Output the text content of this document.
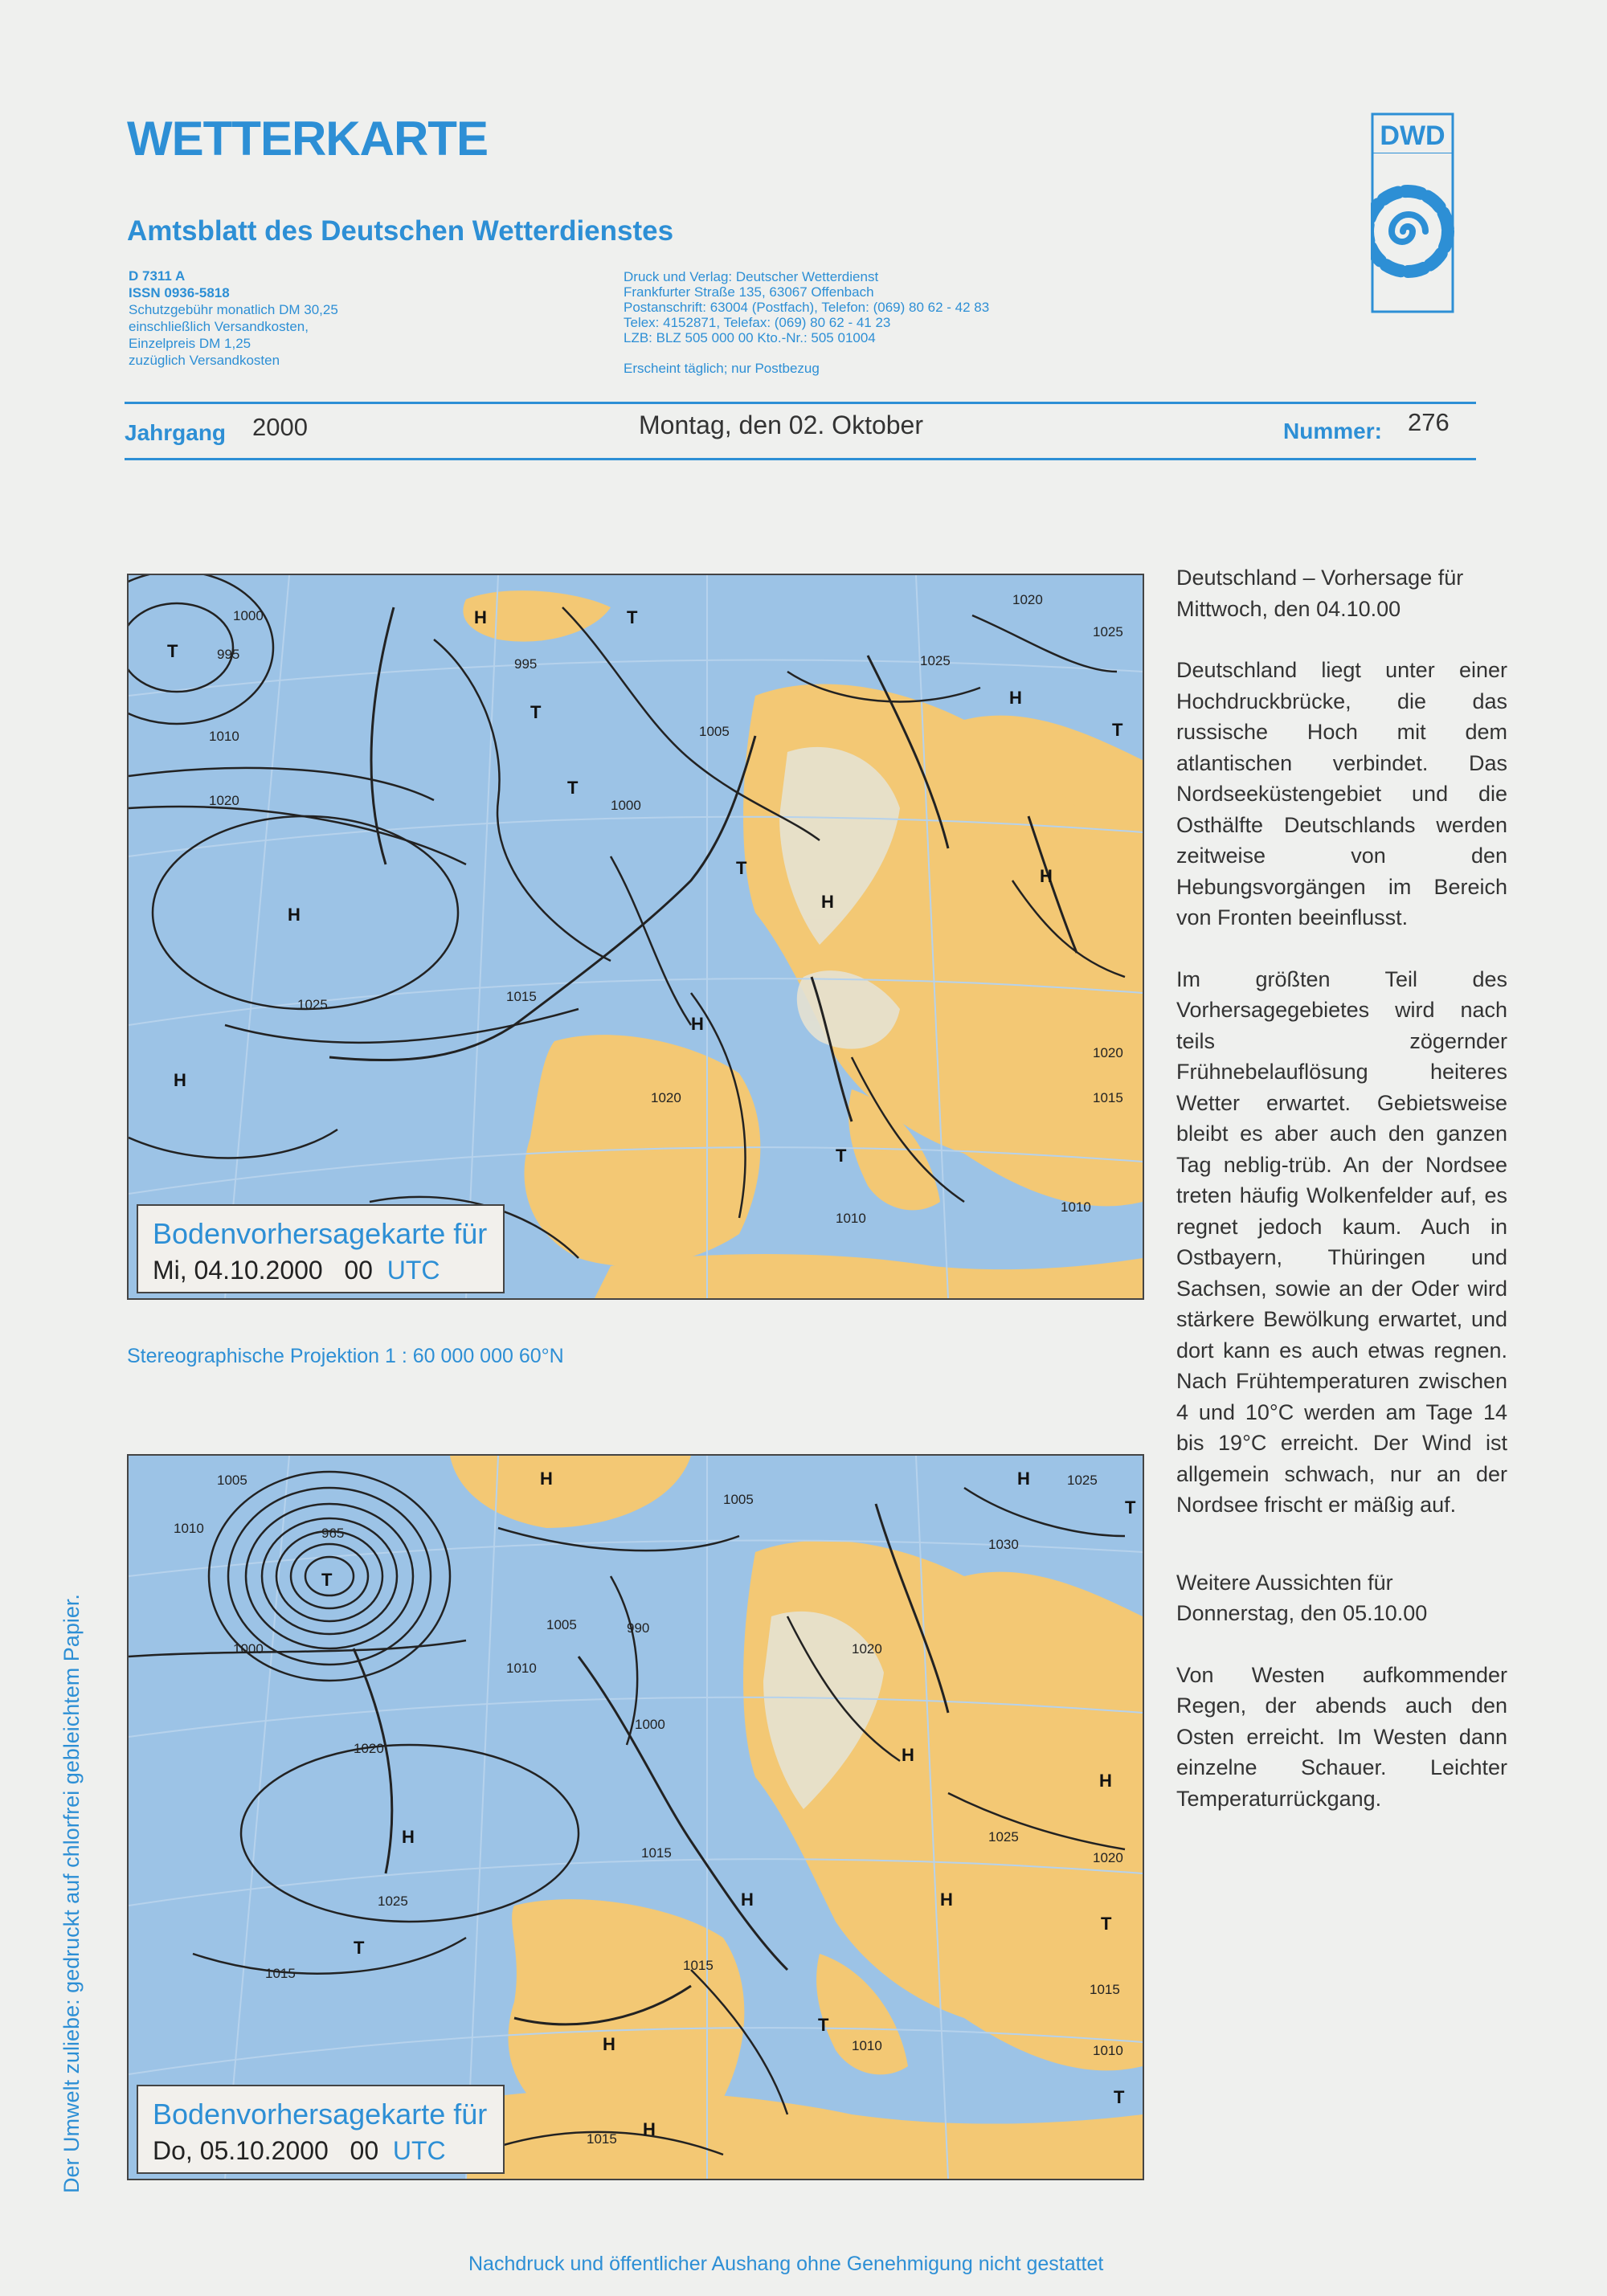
WETTERKARTE
Amtsblatt des Deutschen Wetterdienstes
DWD
D 7311 A
ISSN 0936-5818
Schutzgebühr monatlich DM 30,25
einschließlich Versandkosten,
Einzelpreis DM 1,25
zuzüglich Versandkosten
Druck und Verlag: Deutscher Wetterdienst
Frankfurter Straße 135, 63067 Offenbach
Postanschrift: 63004 (Postfach), Telefon: (069) 80 62 - 42 83
Telex: 4152871, Telefax: (069) 80 62 - 41 23
LZB: BLZ 505 000 00 Kto.-Nr.: 505 01004
Erscheint täglich; nur Postbezug
Jahrgang 2000	Montag, den 02. Oktober	Nummer: 276
1000
995
1010
1020
995
1005
1000
1015
1025
1020
1025
1020
1015
1010
1020
1025
1010
T
H
T
T
H
T
H
T
H
H
H
T
H
T
Bodenvorhersagekarte für
Mi, 04.10.2000   00 UTC
Stereographische Projektion 1 : 60 000 000 60°N
1005
1010	965
1000
1020
1025
1015
1005
1010
1005
990
1000
1015
1015
1020
1025
1030
1025
1020
1015
1010
1015
1010
T
H	H
T
H
H
H
H
T
H
T
H
H
T
T
Bodenvorhersagekarte für
Do, 05.10.2000   00 UTC

Deutschland – Vorhersage für Mittwoch, den 04.10.00

Deutschland liegt unter einer Hochdruckbrücke, die das russische Hoch mit dem atlantischen verbindet. Das Nordseeküstengebiet und die Osthälfte Deutschlands werden zeitweise von den Hebungsvorgängen im Bereich von Fronten beeinflusst.

Im größten Teil des Vorhersagegebietes wird nach teils zögernder Frühnebelauflösung heiteres Wetter erwartet. Gebietsweise bleibt es aber auch den ganzen Tag neblig-trüb. An der Nordsee treten häufig Wolkenfelder auf, es regnet jedoch kaum. Auch in Ostbayern, Thüringen und Sachsen, sowie an der Oder wird stärkere Bewölkung erwartet, und dort kann es auch etwas regnen. Nach Frühtemperaturen zwischen 4 und 10°C werden am Tage 14 bis 19°C erreicht. Der Wind ist allgemein schwach, nur an der Nordsee frischt er mäßig auf.

Weitere Aussichten für Donnerstag, den 05.10.00

Von Westen aufkommender Regen, der abends auch den Osten erreicht. Im Westen dann einzelne Schauer. Leichter Temperaturrückgang.

Der Umwelt zuliebe: gedruckt auf chlorfrei gebleichtem Papier.
Nachdruck und öffentlicher Aushang ohne Genehmigung nicht gestattet
